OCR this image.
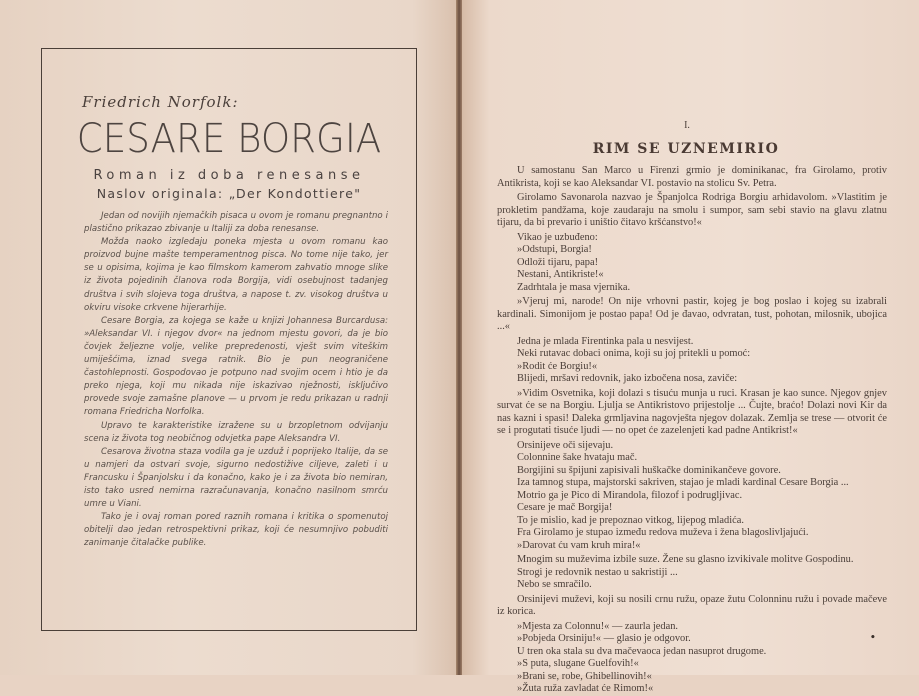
Friedrich Norfolk:
CESARE BORGIA
Roman iz doba renesanse
Naslov originala: „Der Kondottiere"

Jedan od novijih njemačkih pisaca u ovom je romanu pregnantno i plastično prikazao zbivanje u Italiji za doba renesanse.

Možda naoko izgledaju poneka mjesta u ovom romanu kao proizvod bujne mašte temperamentnog pisca. No tome nije tako, jer se u opisima, kojima je kao filmskom kamerom zahvatio mnoge slike iz života pojedinih članova roda Borgija, vidi osebujnost tadanjeg društva i svih slojeva toga društva, a napose t. zv. visokog društva u okviru visoke crkvene hijerarhije.

Cesare Borgia, za kojega se kaže u knjizi Johannesa Burcardusa: »Aleksandar VI. i njegov dvor« na jednom mjestu govori, da je bio čovjek željezne volje, velike prepredenosti, vješt svim viteškim umiješćima, iznad svega ratnik. Bio je pun neograničene častohlepnosti. Gospodovao je potpuno nad svojim ocem i htio je da preko njega, koji mu nikada nije iskazivao nježnosti, isključivo provede svoje zamašne planove — u prvom je redu prikazan u radnji romana Friedricha Norfolka.

Upravo te karakteristike izražene su u brzopletnom odvijanju scena iz života tog neobičnog odvjetka pape Aleksandra VI.

Cesarova životna staza vodila ga je uzduž i poprijeko Italije, da se u namjeri da ostvari svoje, sigurno nedostižive ciljeve, zaleti i u Francusku i Španjolsku i da konačno, kako je i za života bio nemiran, isto tako usred nemirna razračunavanja, konačno nasilnom smrću umre u Viani.

Tako je i ovaj roman pored raznih romana i kritika o spomenutoj obitelji dao jedan retrospektivni prikaz, koji će nesumnjivo pobuditi zanimanje čitalačke publike.

I.
RIM SE UZNEMIRIO

U samostanu San Marco u Firenzi grmio je dominikanac, fra Girolamo, protiv Antikrista, koji se kao Aleksandar VI. postavio na stolicu Sv. Petra.

Girolamo Savonarola nazvao je Španjolca Rodriga Borgiu arhidavolom. »Vlastitim je prokletim pandžama, koje zaudaraju na smolu i sumpor, sam sebi stavio na glavu zlatnu tijaru, da bi prevario i uništio čitavo kršćanstvo!«

Vikao je uzbuđeno:

»Odstupi, Borgia!

Odloži tijaru, papa!

Nestani, Antikriste!«

Zadrhtala je masa vjernika.

»Vjeruj mi, narode! On nije vrhovni pastir, kojeg je bog poslao i kojeg su izabrali kardinali. Simonijom je postao papa! Od je đavao, odvratan, tust, pohotan, milosnik, ubojica ...«

Jedna je mlada Firentinka pala u nesvijest.

Neki rutavac dobaci onima, koji su joj pritekli u pomoć:

»Rodit će Borgiu!«

Blijedi, mršavi redovnik, jako izbočena nosa, zaviče:

»Vidim Osvetnika, koji dolazi s tisuću munja u ruci. Krasan je kao sunce. Njegov gnjev survat će se na Borgiu. Ljulja se Antikristovo prijestolje ... Čujte, braćo! Dolazi novi Kir da nas kazni i spasi! Daleka grmljavina nagovješta njegov dolazak. Zemlja se trese — otvorit će se i progutati tisuće ljudi — no opet će zazelenjeti kad padne Antikrist!«

Orsinijeve oči sijevaju.

Colonnine šake hvataju mač.

Borgijini su špijuni zapisivali huškačke dominikančeve govore.

Iza tamnog stupa, majstorski sakriven, stajao je mladi kardinal Cesare Borgia ...

Motrio ga je Pico di Mirandola, filozof i podrugljivac.

Cesare je mač Borgija!

To je mislio, kad je prepoznao vitkog, lijepog mladića.

Fra Girolamo je stupao između redova muževa i žena blagoslivljajući.

»Darovat ću vam kruh mira!«

Mnogim su muževima izbile suze. Žene su glasno izvikivale molitve Gospodinu.

Strogi je redovnik nestao u sakristiji ...

Nebo se smračilo.

Orsinijevi muževi, koji su nosili crnu ružu, opaze žutu Colonninu ružu i povade mačeve iz korica.

»Mjesta za Colonnu!« — zaurla jedan.

»Pobjeda Orsiniju!« — glasio je odgovor.

U tren oka stala su dva mačevaoca jedan nasuprot drugome.

»S puta, slugane Guelfovih!«

»Brani se, robe, Ghibellinovih!«

»Žuta ruža zavladat će Rimom!«

•
